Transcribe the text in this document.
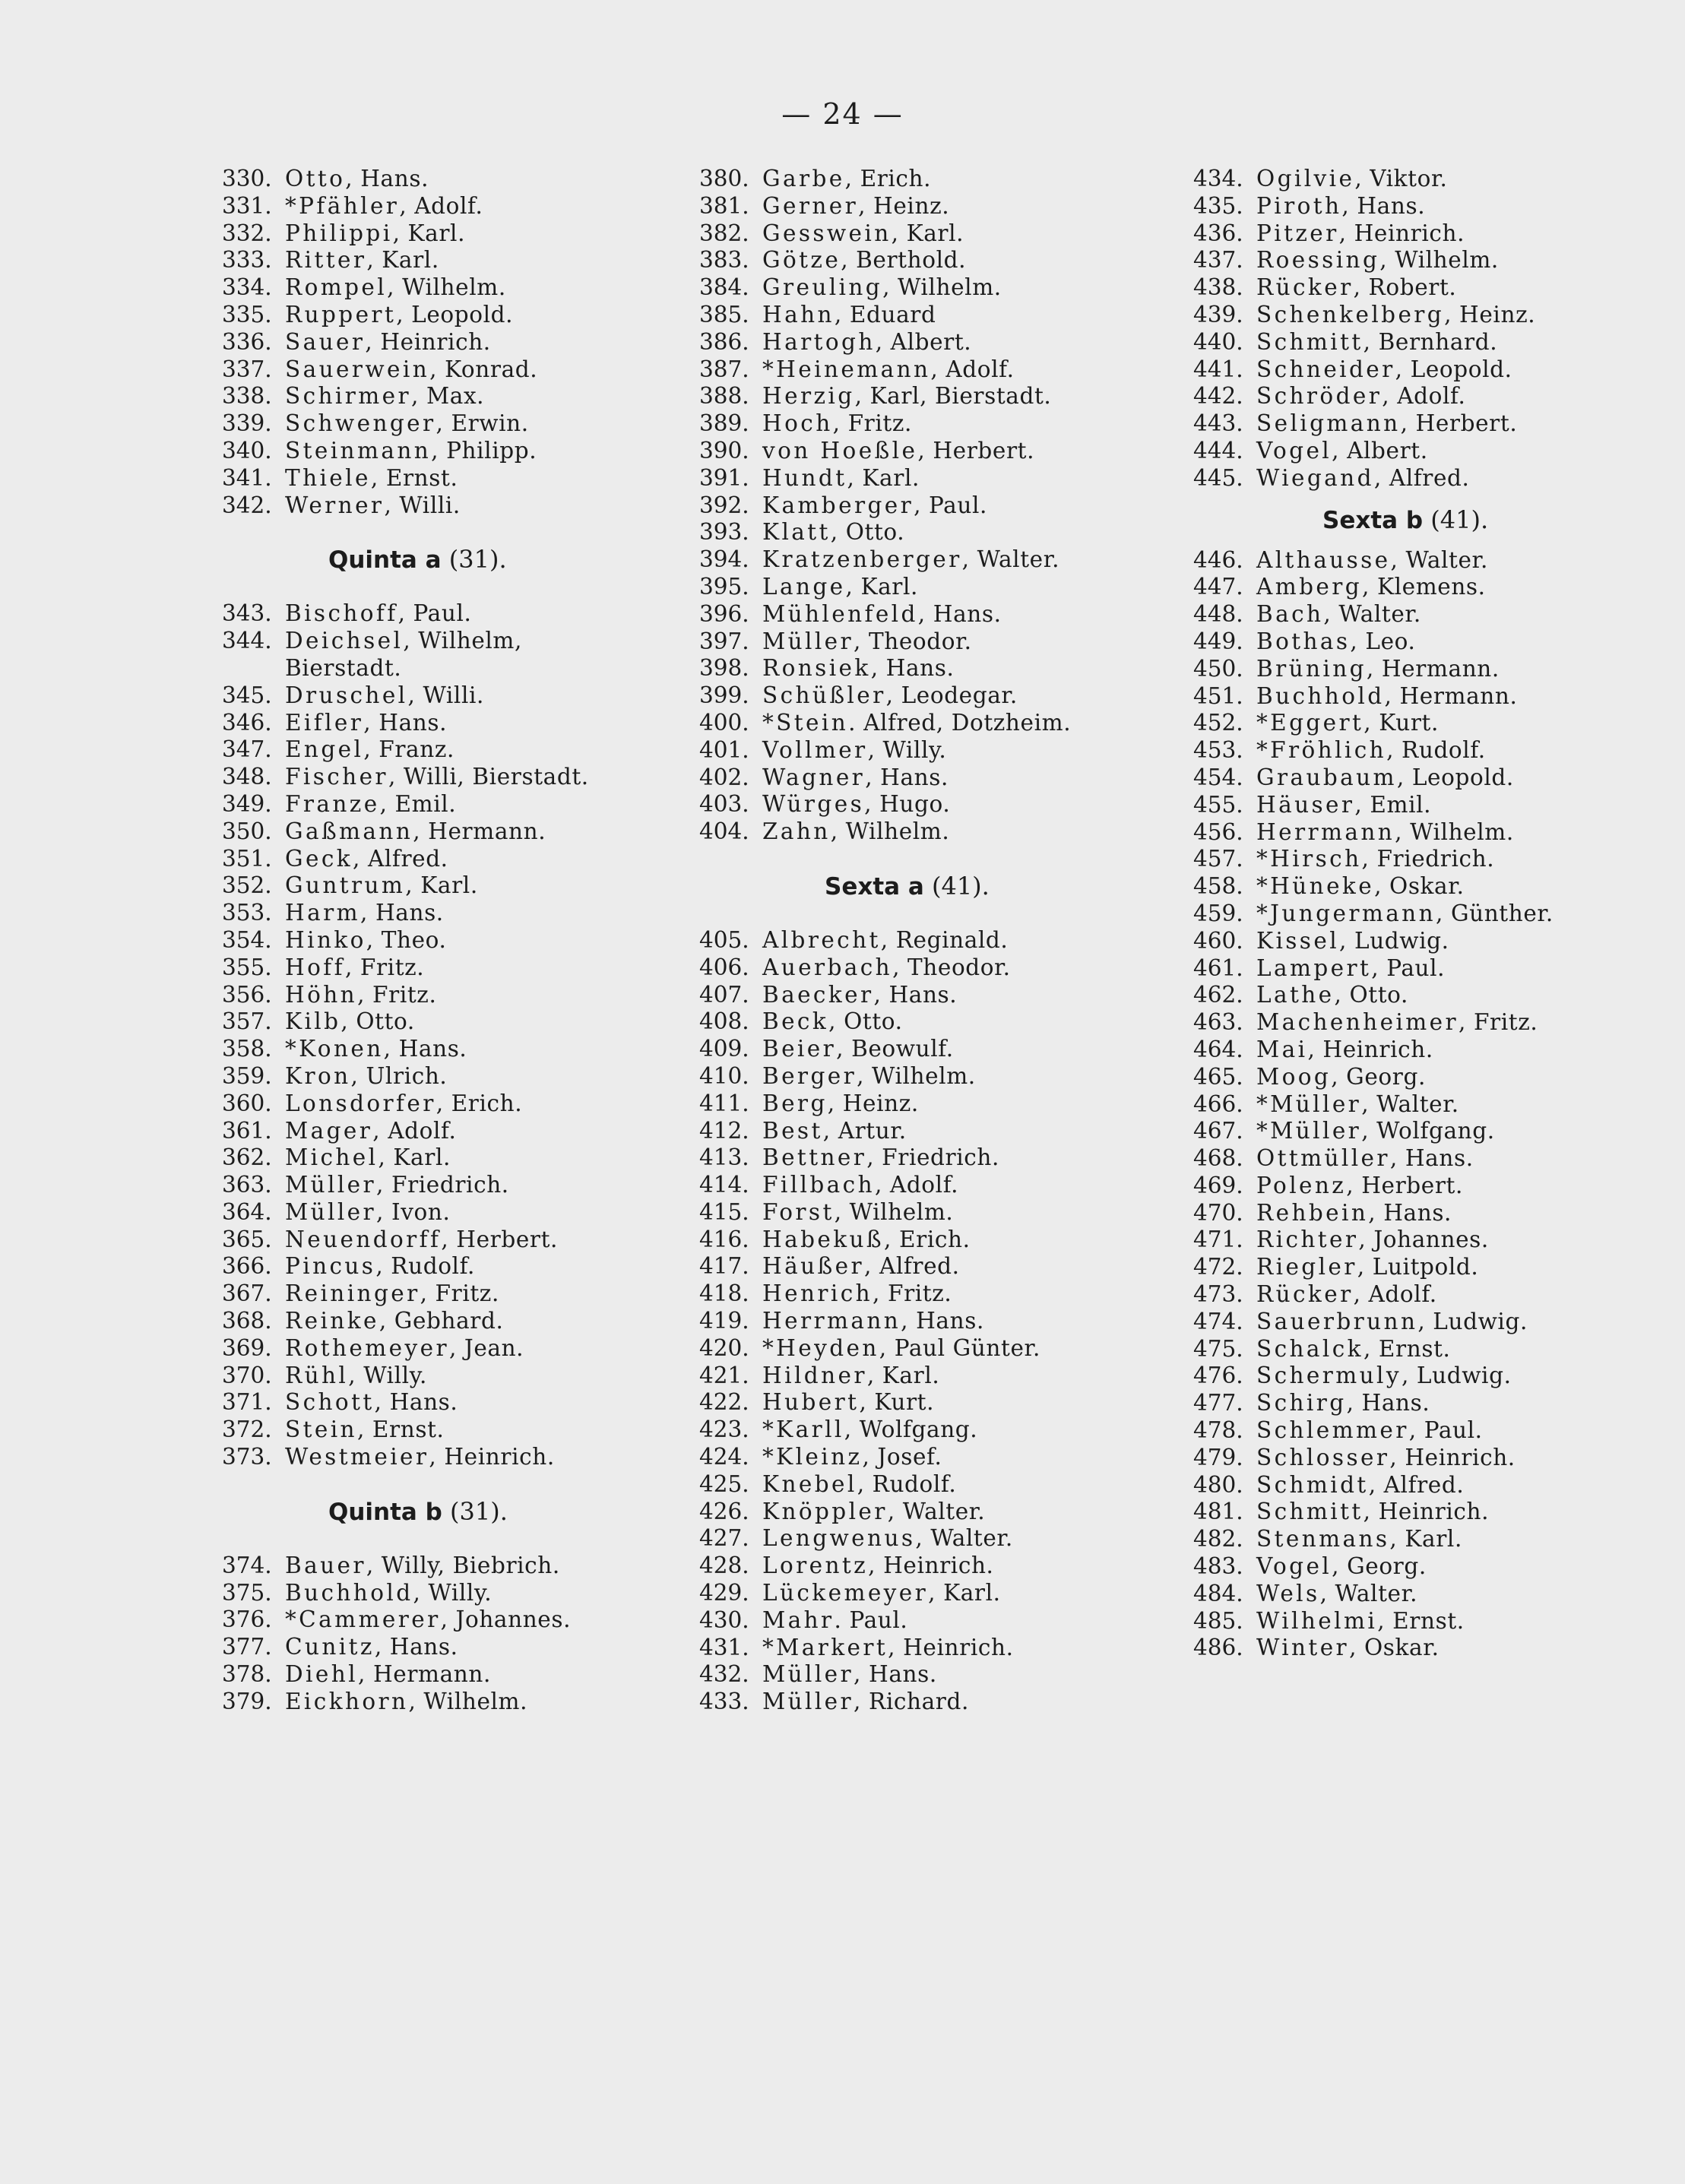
— 24 —
330. Otto, Hans.
331. *Pfähler, Adolf.
332. Philippi, Karl.
333. Ritter, Karl.
334. Rompel, Wilhelm.
335. Ruppert, Leopold.
336. Sauer, Heinrich.
337. Sauerwein, Konrad.
338. Schirmer, Max.
339. Schwenger, Erwin.
340. Steinmann, Philipp.
341. Thiele, Ernst.
342. Werner, Willi.
Quinta a (31).
343. Bischoff, Paul.
344. Deichsel, Wilhelm,
Bierstadt.
345. Druschel, Willi.
346. Eifler, Hans.
347. Engel, Franz.
348. Fischer, Willi, Bierstadt.
349. Franze, Emil.
350. Gaßmann, Hermann.
351. Geck, Alfred.
352. Guntrum, Karl.
353. Harm, Hans.
354. Hinko, Theo.
355. Hoff, Fritz.
356. Höhn, Fritz.
357. Kilb, Otto.
358. *Konen, Hans.
359. Kron, Ulrich.
360. Lonsdorfer, Erich.
361. Mager, Adolf.
362. Michel, Karl.
363. Müller, Friedrich.
364. Müller, Ivon.
365. Neuendorff, Herbert.
366. Pincus, Rudolf.
367. Reininger, Fritz.
368. Reinke, Gebhard.
369. Rothemeyer, Jean.
370. Rühl, Willy.
371. Schott, Hans.
372. Stein, Ernst.
373. Westmeier, Heinrich.
Quinta b (31).
374. Bauer, Willy, Biebrich.
375. Buchhold, Willy.
376. *Cammerer, Johannes.
377. Cunitz, Hans.
378. Diehl, Hermann.
379. Eickhorn, Wilhelm.
380. Garbe, Erich.
381. Gerner, Heinz.
382. Gesswein, Karl.
383. Götze, Berthold.
384. Greuling, Wilhelm.
385. Hahn, Eduard
386. Hartogh, Albert.
387. *Heinemann, Adolf.
388. Herzig, Karl, Bierstadt.
389. Hoch, Fritz.
390. von Hoeßle, Herbert.
391. Hundt, Karl.
392. Kamberger, Paul.
393. Klatt, Otto.
394. Kratzenberger, Walter.
395. Lange, Karl.
396. Mühlenfeld, Hans.
397. Müller, Theodor.
398. Ronsiek, Hans.
399. Schüßler, Leodegar.
400. *Stein. Alfred, Dotzheim.
401. Vollmer, Willy.
402. Wagner, Hans.
403. Würges, Hugo.
404. Zahn, Wilhelm.
Sexta a (41).
405. Albrecht, Reginald.
406. Auerbach, Theodor.
407. Baecker, Hans.
408. Beck, Otto.
409. Beier, Beowulf.
410. Berger, Wilhelm.
411. Berg, Heinz.
412. Best, Artur.
413. Bettner, Friedrich.
414. Fillbach, Adolf.
415. Forst, Wilhelm.
416. Habekuß, Erich.
417. Häußer, Alfred.
418. Henrich, Fritz.
419. Herrmann, Hans.
420. *Heyden, Paul Günter.
421. Hildner, Karl.
422. Hubert, Kurt.
423. *Karll, Wolfgang.
424. *Kleinz, Josef.
425. Knebel, Rudolf.
426. Knöppler, Walter.
427. Lengwenus, Walter.
428. Lorentz, Heinrich.
429. Lückemeyer, Karl.
430. Mahr. Paul.
431. *Markert, Heinrich.
432. Müller, Hans.
433. Müller, Richard.
434. Ogilvie, Viktor.
435. Piroth, Hans.
436. Pitzer, Heinrich.
437. Roessing, Wilhelm.
438. Rücker, Robert.
439. Schenkelberg, Heinz.
440. Schmitt, Bernhard.
441. Schneider, Leopold.
442. Schröder, Adolf.
443. Seligmann, Herbert.
444. Vogel, Albert.
445. Wiegand, Alfred.
Sexta b (41).
446. Althausse, Walter.
447. Amberg, Klemens.
448. Bach, Walter.
449. Bothas, Leo.
450. Brüning, Hermann.
451. Buchhold, Hermann.
452. *Eggert, Kurt.
453. *Fröhlich, Rudolf.
454. Graubaum, Leopold.
455. Häuser, Emil.
456. Herrmann, Wilhelm.
457. *Hirsch, Friedrich.
458. *Hüneke, Oskar.
459. *Jungermann, Günther.
460. Kissel, Ludwig.
461. Lampert, Paul.
462. Lathe, Otto.
463. Machenheimer, Fritz.
464. Mai, Heinrich.
465. Moog, Georg.
466. *Müller, Walter.
467. *Müller, Wolfgang.
468. Ottmüller, Hans.
469. Polenz, Herbert.
470. Rehbein, Hans.
471. Richter, Johannes.
472. Riegler, Luitpold.
473. Rücker, Adolf.
474. Sauerbrunn, Ludwig.
475. Schalck, Ernst.
476. Schermuly, Ludwig.
477. Schirg, Hans.
478. Schlemmer, Paul.
479. Schlosser, Heinrich.
480. Schmidt, Alfred.
481. Schmitt, Heinrich.
482. Stenmans, Karl.
483. Vogel, Georg.
484. Wels, Walter.
485. Wilhelmi, Ernst.
486. Winter, Oskar.
